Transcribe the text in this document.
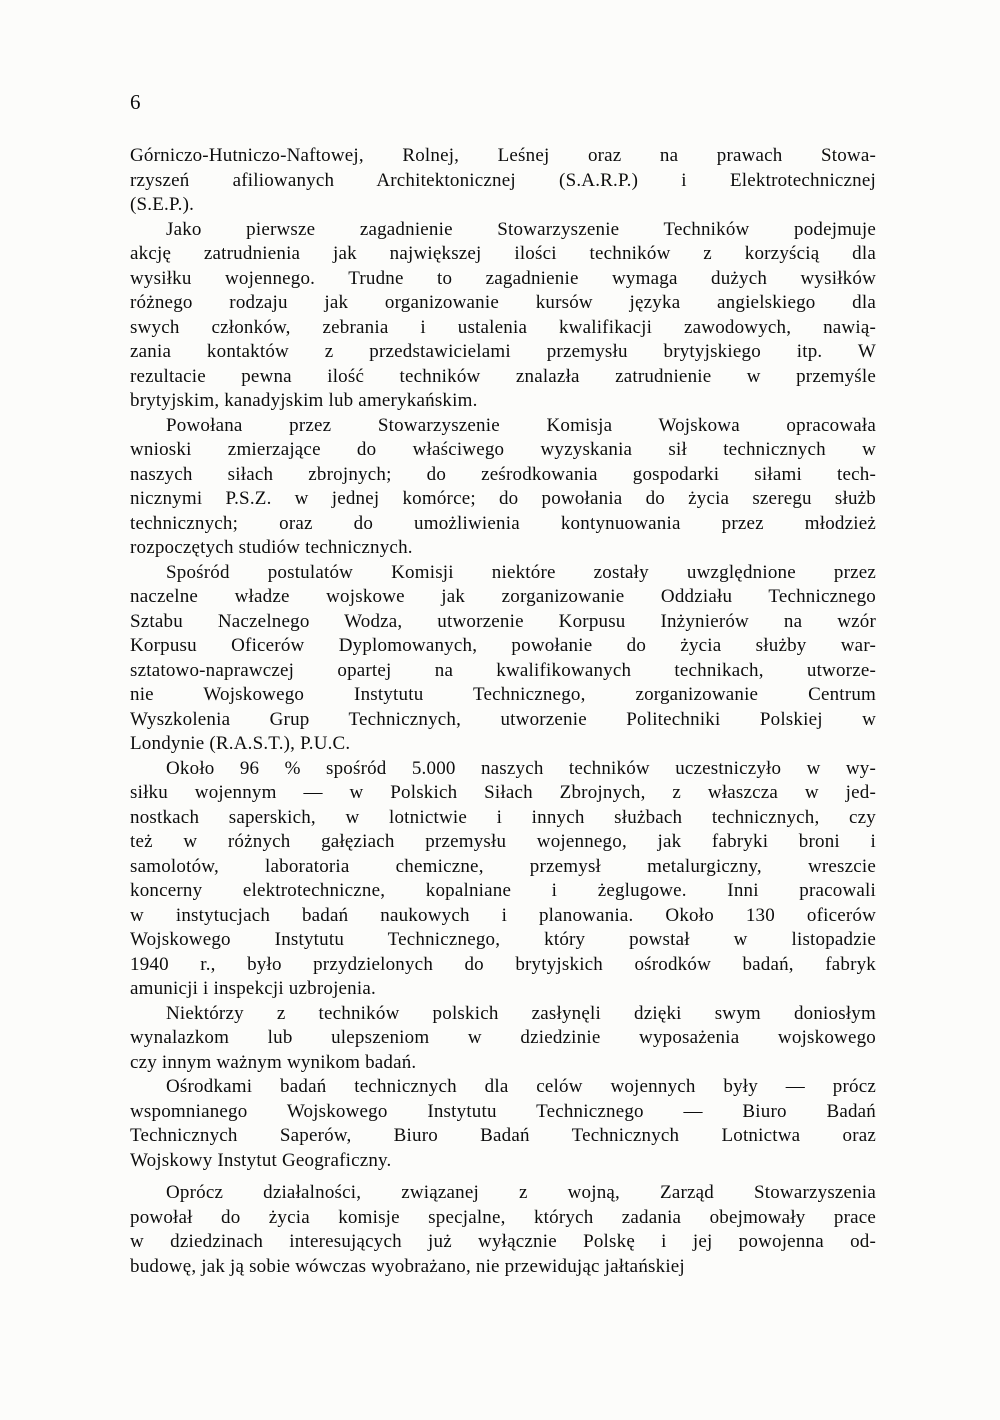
6
Górniczo-Hutniczo-Naftowej, Rolnej, Leśnej oraz na prawach Stowa-
rzyszeń afiliowanych Architektonicznej (S.A.R.P.) i Elektrotechnicznej
(S.E.P.).
Jako pierwsze zagadnienie Stowarzyszenie Techników podejmuje
akcję zatrudnienia jak największej ilości techników z korzyścią dla
wysiłku wojennego. Trudne to zagadnienie wymaga dużych wysiłków
różnego rodzaju jak organizowanie kursów języka angielskiego dla
swych członków, zebrania i ustalenia kwalifikacji zawodowych, nawią-
zania kontaktów z przedstawicielami przemysłu brytyjskiego itp. W
rezultacie pewna ilość techników znalazła zatrudnienie w przemyśle
brytyjskim, kanadyjskim lub amerykańskim.
Powołana przez Stowarzyszenie Komisja Wojskowa opracowała
wnioski zmierzające do właściwego wyzyskania sił technicznych w
naszych siłach zbrojnych; do ześrodkowania gospodarki siłami tech-
nicznymi P.S.Z. w jednej komórce; do powołania do życia szeregu służb
technicznych; oraz do umożliwienia kontynuowania przez młodzież
rozpoczętych studiów technicznych.
Spośród postulatów Komisji niektóre zostały uwzględnione przez
naczelne władze wojskowe jak zorganizowanie Oddziału Technicznego
Sztabu Naczelnego Wodza, utworzenie Korpusu Inżynierów na wzór
Korpusu Oficerów Dyplomowanych, powołanie do życia służby war-
sztatowo-naprawczej opartej na kwalifikowanych technikach, utworze-
nie Wojskowego Instytutu Technicznego, zorganizowanie Centrum
Wyszkolenia Grup Technicznych, utworzenie Politechniki Polskiej w
Londynie (R.A.S.T.), P.U.C.
Około 96 % spośród 5.000 naszych techników uczestniczyło w wy-
siłku wojennym — w Polskich Siłach Zbrojnych, z właszcza w jed-
nostkach saperskich, w lotnictwie i innych służbach technicznych, czy
też w różnych gałęziach przemysłu wojennego, jak fabryki broni i
samolotów, laboratoria chemiczne, przemysł metalurgiczny, wreszcie
koncerny elektrotechniczne, kopalniane i żeglugowe. Inni pracowali
w instytucjach badań naukowych i planowania. Około 130 oficerów
Wojskowego Instytutu Technicznego, który powstał w listopadzie
1940 r., było przydzielonych do brytyjskich ośrodków badań, fabryk
amunicji i inspekcji uzbrojenia.
Niektórzy z techników polskich zasłynęli dzięki swym doniosłym
wynalazkom lub ulepszeniom w dziedzinie wyposażenia wojskowego
czy innym ważnym wynikom badań.
Ośrodkami badań technicznych dla celów wojennych były — prócz
wspomnianego Wojskowego Instytutu Technicznego — Biuro Badań
Technicznych Saperów, Biuro Badań Technicznych Lotnictwa oraz
Wojskowy Instytut Geograficzny.
Oprócz działalności, związanej z wojną, Zarząd Stowarzyszenia
powołał do życia komisje specjalne, których zadania obejmowały prace
w dziedzinach interesujących już wyłącznie Polskę i jej powojenna od-
budowę, jak ją sobie wówczas wyobrażano, nie przewidując jałtańskiej
